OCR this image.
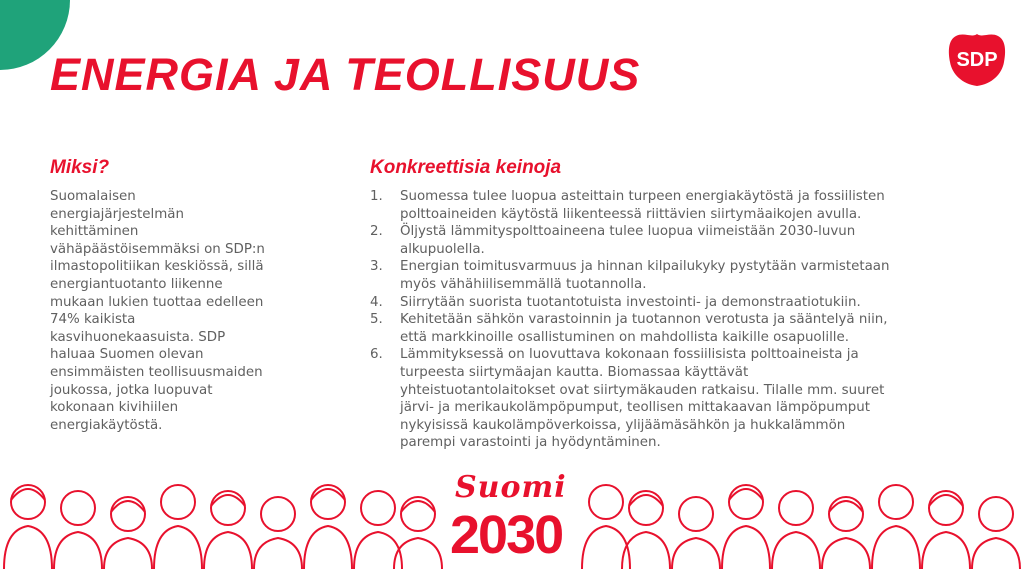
ENERGIA JA TEOLLISUUS	SDP
Miksi?

Suomalaisen
energiajärjestelmän
kehittäminen
vähäpäästöisemmäksi on SDP:n
ilmastopolitiikan keskiössä, sillä
energiantuotanto liikenne
mukaan lukien tuottaa edelleen
74% kaikista
kasvihuonekaasuista. SDP
haluaa Suomen olevan
ensimmäisten teollisuusmaiden
joukossa, jotka luopuvat
kokonaan kivihiilen
energiakäytöstä.

Konkreettisia keinoja
1. Suomessa tulee luopua asteittain turpeen energiakäytöstä ja fossiilisten
polttoaineiden käytöstä liikenteessä riittävien siirtymäaikojen avulla.
2. Öljystä lämmityspolttoaineena tulee luopua viimeistään 2030-luvun
alkupuolella.
3. Energian toimitusvarmuus ja hinnan kilpailukyky pystytään varmistetaan
myös vähähiilisemmällä tuotannolla.
4. Siirrytään suorista tuotantotuista investointi- ja demonstraatiotukiin.
5. Kehitetään sähkön varastoinnin ja tuotannon verotusta ja sääntelyä niin,
että markkinoille osallistuminen on mahdollista kaikille osapuolille.
6. Lämmityksessä on luovuttava kokonaan fossiilisista polttoaineista ja
turpeesta siirtymäajan kautta. Biomassaa käyttävät
yhteistuotantolaitokset ovat siirtymäkauden ratkaisu. Tilalle mm. suuret
järvi- ja merikaukolämpöpumput, teollisen mittakaavan lämpöpumput
nykyisissä kaukolämpöverkoissa, ylijäämäsähkön ja hukkalämmön
parempi varastointi ja hyödyntäminen.
Suomi
2030
